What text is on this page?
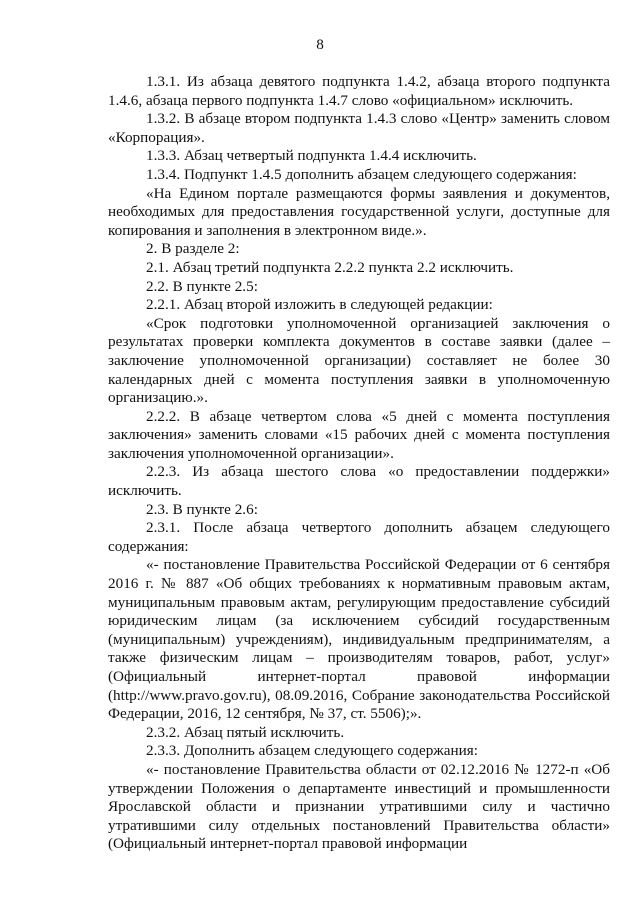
8

1.3.1. Из абзаца девятого подпункта 1.4.2, абзаца второго подпункта 1.4.6, абзаца первого подпункта 1.4.7 слово «официальном» исключить.

1.3.2. В абзаце втором подпункта 1.4.3 слово «Центр» заменить словом «Корпорация».

1.3.3. Абзац четвертый подпункта 1.4.4 исключить.

1.3.4. Подпункт 1.4.5 дополнить абзацем следующего содержания:

«На Едином портале размещаются формы заявления и документов, необходимых для предоставления государственной услуги, доступные для копирования и заполнения в электронном виде.».

2. В разделе 2:

2.1. Абзац третий подпункта 2.2.2 пункта 2.2 исключить.

2.2. В пункте 2.5:

2.2.1. Абзац второй изложить в следующей редакции:

«Срок подготовки уполномоченной организацией заключения о результатах проверки комплекта документов в составе заявки (далее – заключение уполномоченной организации) составляет не более 30 календарных дней с момента поступления заявки в уполномоченную организацию.».

2.2.2. В абзаце четвертом слова «5 дней с момента поступления заключения» заменить словами «15 рабочих дней с момента поступления заключения уполномоченной организации».

2.2.3. Из абзаца шестого слова «о предоставлении поддержки» исключить.

2.3. В пункте 2.6:

2.3.1. После абзаца четвертого дополнить абзацем следующего содержания:

«- постановление Правительства Российской Федерации от 6 сентября 2016 г. № 887 «Об общих требованиях к нормативным правовым актам, муниципальным правовым актам, регулирующим предоставление субсидий юридическим лицам (за исключением субсидий государственным (муниципальным) учреждениям), индивидуальным предпринимателям, а также физическим лицам – производителям товаров, работ, услуг» (Официальный интернет-портал правовой информации (http://www.pravo.gov.ru), 08.09.2016, Собрание законодательства Российской Федерации, 2016, 12 сентября, № 37, ст. 5506);».

2.3.2. Абзац пятый исключить.

2.3.3. Дополнить абзацем следующего содержания:

«- постановление Правительства области от 02.12.2016 № 1272-п «Об утверждении Положения о департаменте инвестиций и промышленности Ярославской области и признании утратившими силу и частично утратившими силу отдельных постановлений Правительства области» (Официальный интернет-портал правовой информации
